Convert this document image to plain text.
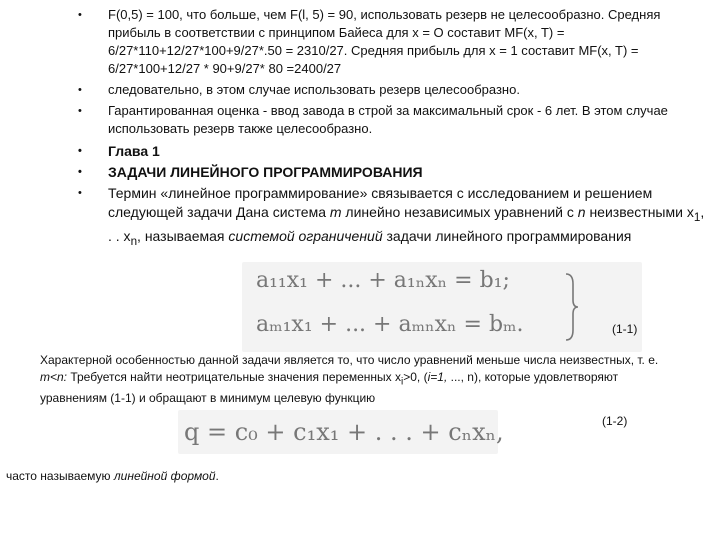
• F(0,5) = 100, что больше, чем F(l, 5) = 90, использовать резерв не целесообразно. Средняя прибыль в соответствии с принципом Байеса для x = O составит MF(x, T) = 6/27*110+12/27*100+9/27*.50 = 2310/27. Средняя прибыль для x = 1 составит MF(x, T) = 6/27*100+12/27 * 90+9/27* 80 =2400/27
• следовательно, в этом случае использовать резерв целесообразно.
• Гарантированная оценка - ввод завода в строй за максимальный срок - 6 лет. В этом случае использовать резерв также целесообразно.
• Глава 1
• ЗАДАЧИ ЛИНЕЙНОГО ПРОГРАММИРОВАНИЯ
• Термин «линейное программирование» связывается с исследованием и решением следующей задачи Дана система m линейно независимых уравнений с n неизвестными $x_1$, . . $x_n$, называемая системой ограничений задачи линейного программирования
a₁₁x₁ + ... + a₁ₙxₙ = b₁;
aₘ₁x₁ + ... + aₘₙxₙ = bₘ.	(1-1)
Характерной особенностью данной задачи является то, что число уравнений меньше числа неизвестных, т. е. m<n: Требуется найти неотрицательные значения переменных $x_i>0$, (i=1, ..., n), которые удовлетворяют уравнениям (1-1) и обращают в минимум целевую функцию
(1-2)
q = c₀ + c₁x₁ + . . . + cₙxₙ,
часто называемую линейной формой.
